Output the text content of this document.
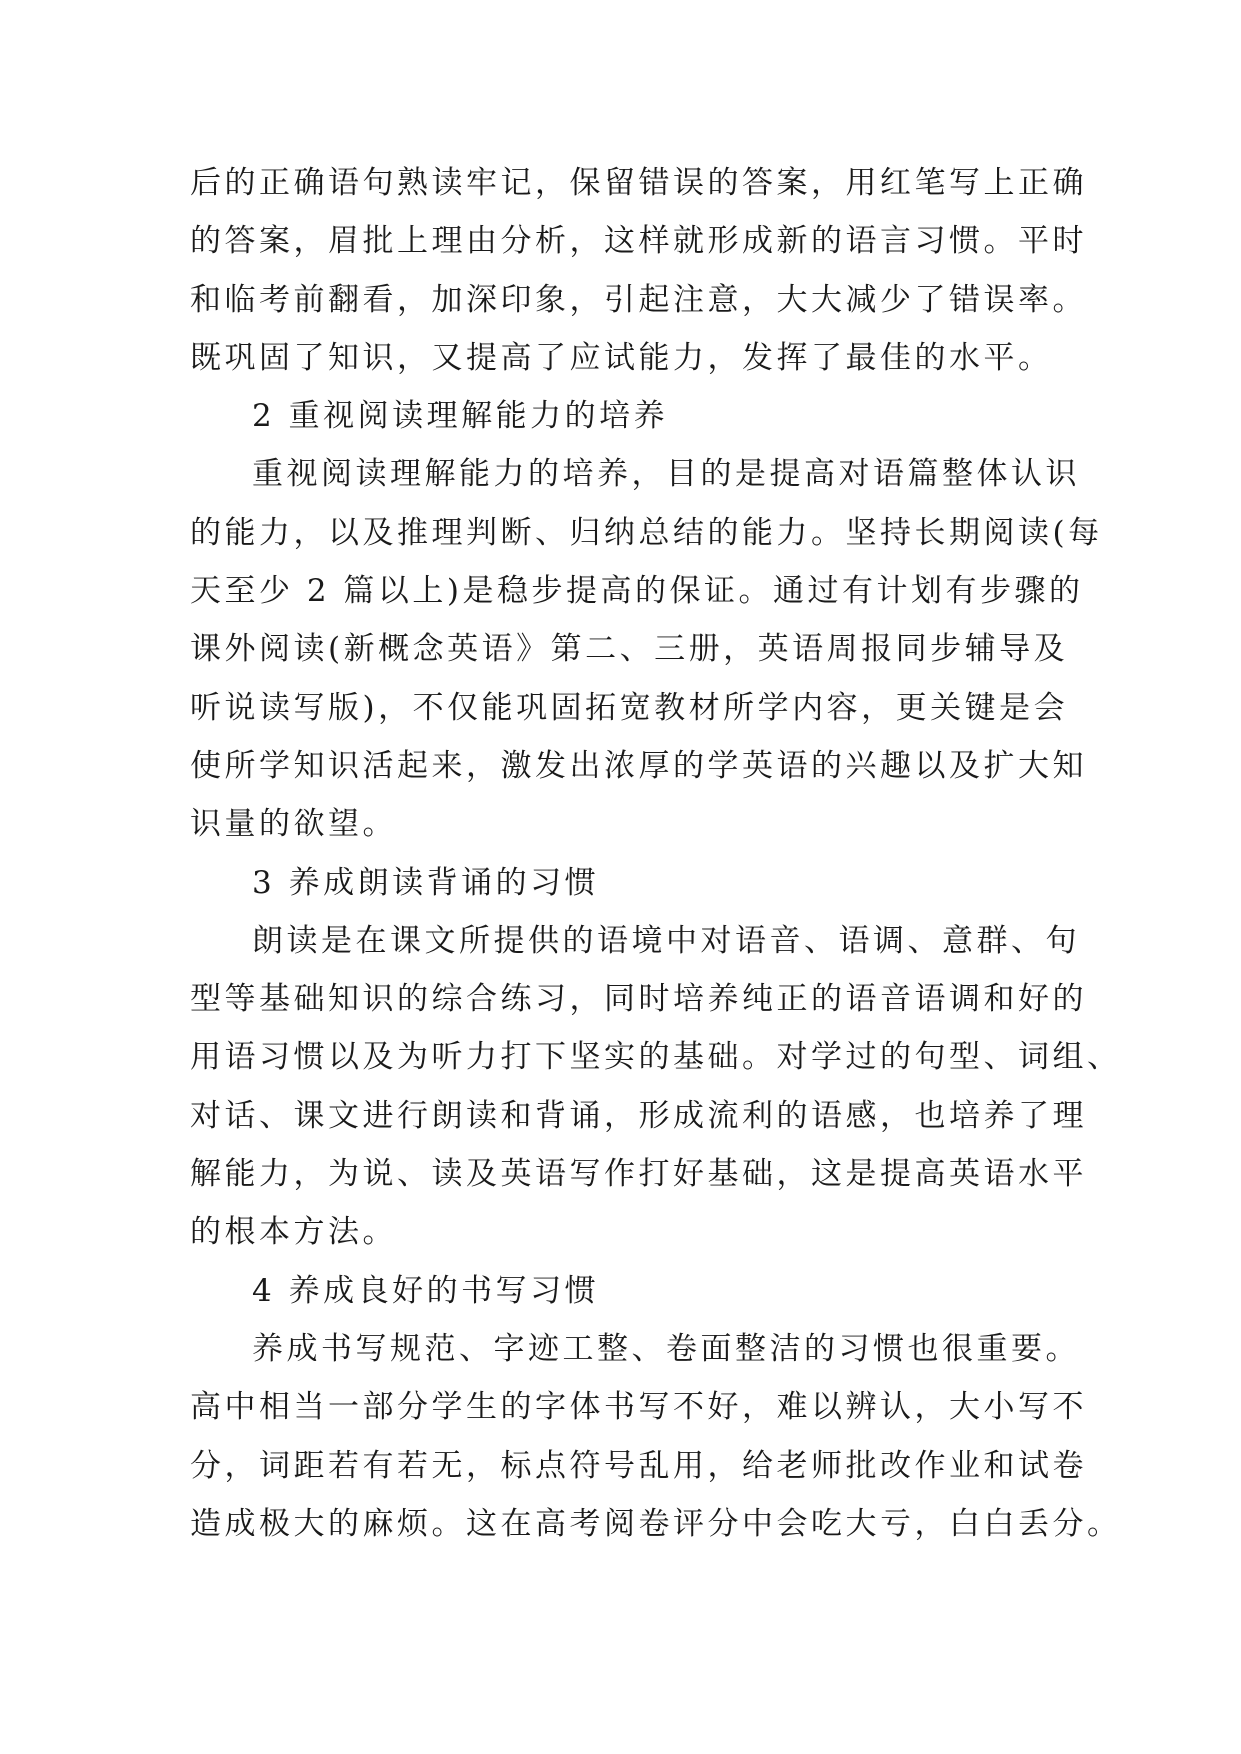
后的正确语句熟读牢记，保留错误的答案，用红笔写上正确
的答案，眉批上理由分析，这样就形成新的语言习惯。平时
和临考前翻看，加深印象，引起注意，大大减少了错误率。
既巩固了知识，又提高了应试能力，发挥了最佳的水平。
2 重视阅读理解能力的培养
重视阅读理解能力的培养，目的是提高对语篇整体认识
的能力，以及推理判断、归纳总结的能力。坚持长期阅读(每
天至少 2 篇以上)是稳步提高的保证。通过有计划有步骤的
课外阅读(新概念英语》第二、三册，英语周报同步辅导及
听说读写版)，不仅能巩固拓宽教材所学内容，更关键是会
使所学知识活起来，激发出浓厚的学英语的兴趣以及扩大知
识量的欲望。
3 养成朗读背诵的习惯
朗读是在课文所提供的语境中对语音、语调、意群、句
型等基础知识的综合练习，同时培养纯正的语音语调和好的
用语习惯以及为听力打下坚实的基础。对学过的句型、词组、
对话、课文进行朗读和背诵，形成流利的语感，也培养了理
解能力，为说、读及英语写作打好基础，这是提高英语水平
的根本方法。
4 养成良好的书写习惯
养成书写规范、字迹工整、卷面整洁的习惯也很重要。
高中相当一部分学生的字体书写不好，难以辨认，大小写不
分，词距若有若无，标点符号乱用，给老师批改作业和试卷
造成极大的麻烦。这在高考阅卷评分中会吃大亏，白白丢分。
